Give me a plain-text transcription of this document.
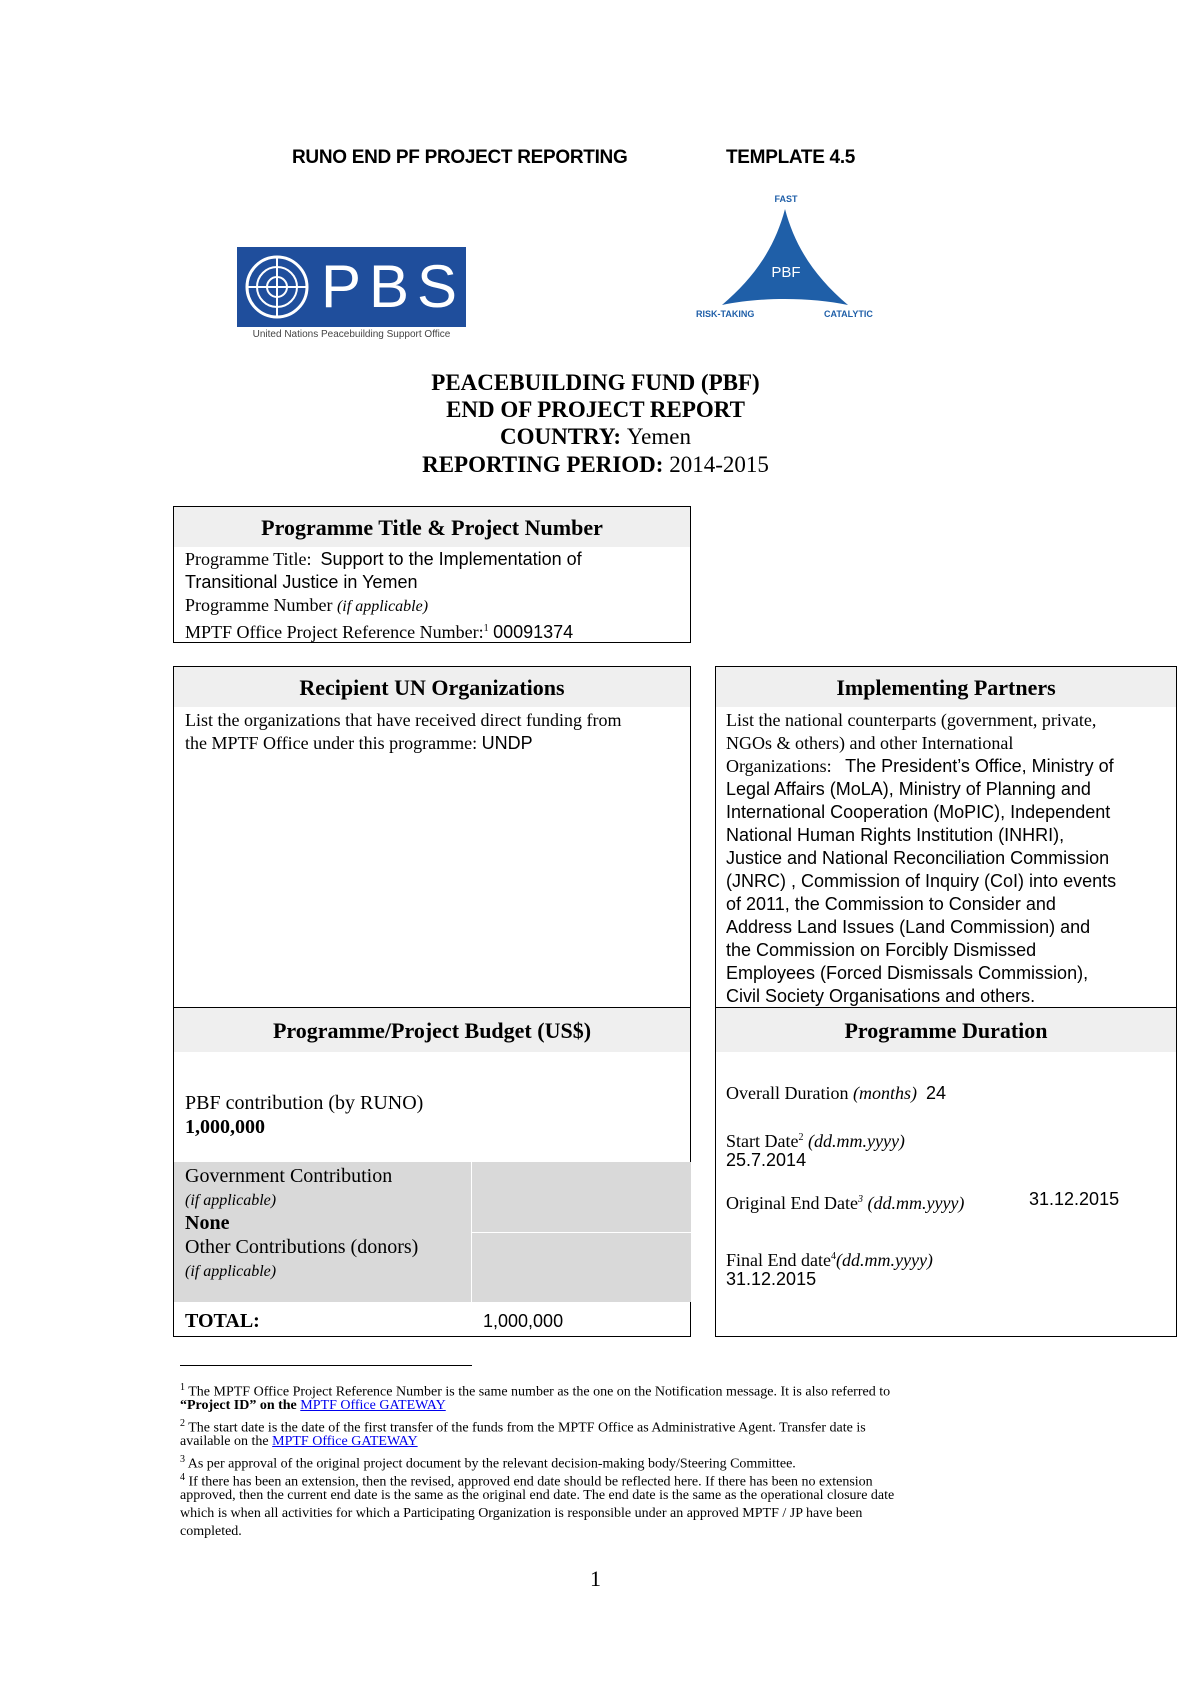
RUNO END PF PROJECT REPORTING	TEMPLATE 4.5
PBSO
United Nations Peacebuilding Support Office
FAST
PBF
RISK-TAKING	CATALYTIC
PEACEBUILDING FUND (PBF)
END OF PROJECT REPORT
COUNTRY: Yemen
REPORTING PERIOD: 2014-2015
Programme Title & Project Number
Programme Title: Support to the Implementation of
Transitional Justice in Yemen
Programme Number (if applicable)
MPTF Office Project Reference Number:$^1$ 00091374
Recipient UN Organizations
List the organizations that have received direct funding from
the MPTF Office under this programme: UNDP
Implementing Partners
List the national counterparts (government, private,
NGOs & others) and other International
Organizations: The President’s Office, Ministry of
Legal Affairs (MoLA), Ministry of Planning and
International Cooperation (MoPIC), Independent
National Human Rights Institution (INHRI),
Justice and National Reconciliation Commission
(JNRC) , Commission of Inquiry (CoI) into events
of 2011, the Commission to Consider and
Address Land Issues (Land Commission) and
the Commission on Forcibly Dismissed
Employees (Forced Dismissals Commission),
Civil Society Organisations and others.
Programme/Project Budget (US$)
PBF contribution (by RUNO)
1,000,000
Government Contribution
(if applicable)
None
Other Contributions (donors)
(if applicable)
TOTAL:	1,000,000
Programme Duration
Overall Duration (months) 24
Start Date$^2$ (dd.mm.yyyy)
25.7.2014
Original End Date$^3$ (dd.mm.yyyy)	31.12.2015
Final End date$^4$(dd.mm.yyyy)
31.12.2015
$^1$ The MPTF Office Project Reference Number is the same number as the one on the Notification message. It is also referred to
“Project ID” on the MPTF Office GATEWAY
$^2$ The start date is the date of the first transfer of the funds from the MPTF Office as Administrative Agent. Transfer date is
available on the MPTF Office GATEWAY
$^3$ As per approval of the original project document by the relevant decision-making body/Steering Committee.
$^4$ If there has been an extension, then the revised, approved end date should be reflected here. If there has been no extension
approved, then the current end date is the same as the original end date. The end date is the same as the operational closure date
which is when all activities for which a Participating Organization is responsible under an approved MPTF / JP have been
completed.
1
